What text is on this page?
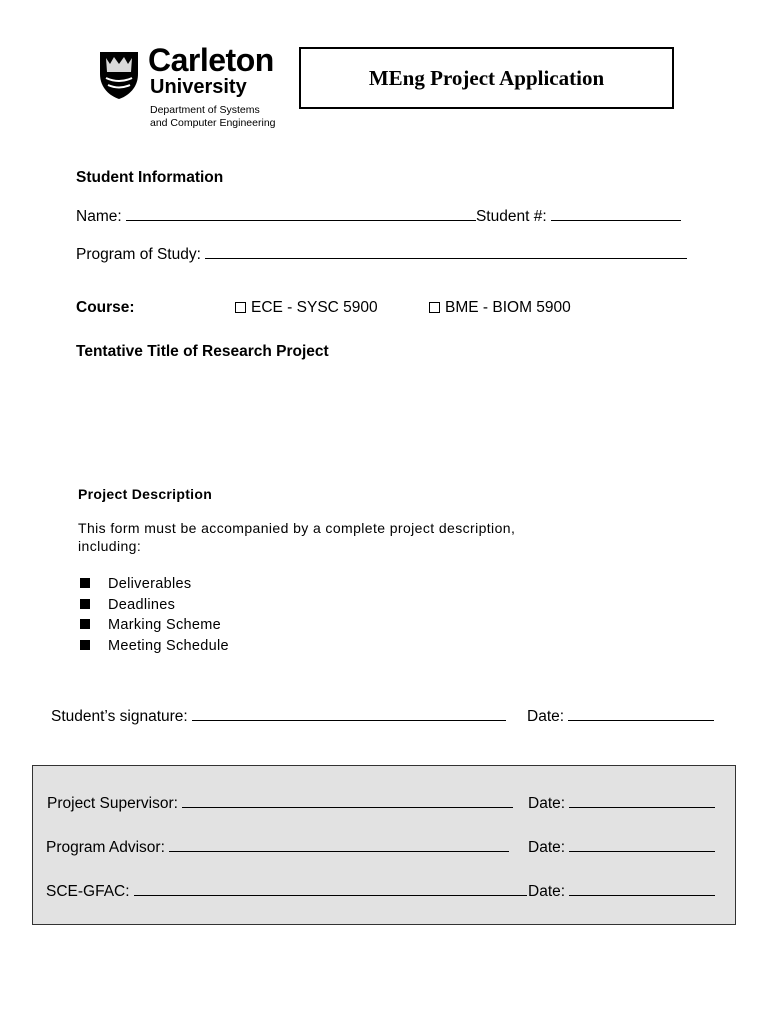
Carleton
University
Department of Systems
and Computer Engineering
MEng Project Application
Student Information
Name:	Student #:
Program of Study:
Course:	ECE - SYSC 5900	BME - BIOM 5900
Tentative Title of Research Project
Project Description
This form must be accompanied by a complete project description,
including:
Deliverables
Deadlines
Marking Scheme
Meeting Schedule
Student’s signature:	Date:
Project Supervisor:	Date:
Program Advisor:	Date:
SCE-GFAC:	Date:
